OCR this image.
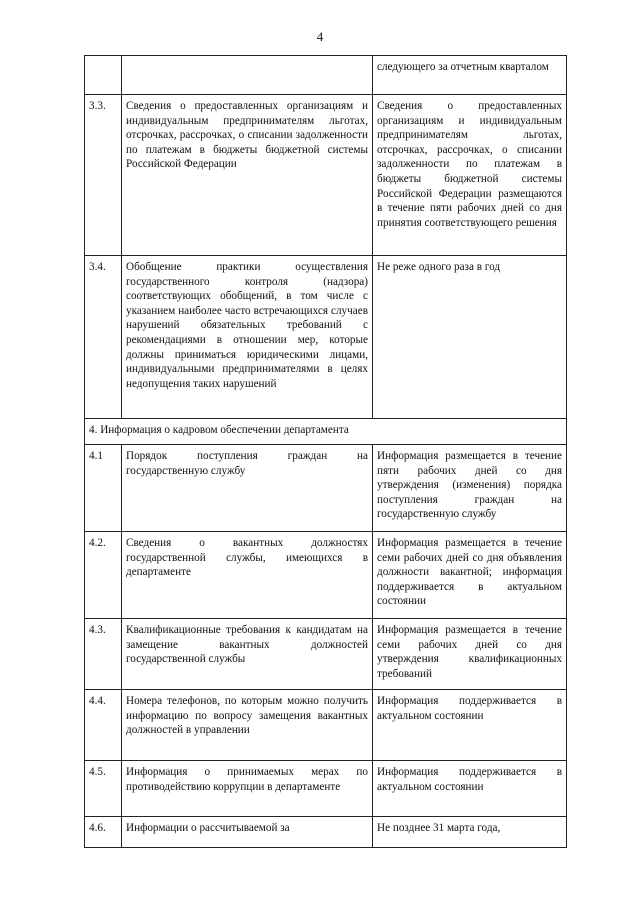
4
		следующего за отчетным кварталом
3.3.	Сведения о предоставленных организациям и индивидуальным предпринимателям льготах, отсрочках, рассрочках, о списании задолженности по платежам в бюджеты бюджетной системы Российской Федерации	Сведения о предоставленных организациям и индивидуальным предпринимателям льготах, отсрочках, рассрочках, о списании задолженности по платежам в бюджеты бюджетной системы Российской Федерации размещаются в течение пяти рабочих дней со дня принятия соответствующего решения
3.4.	Обобщение практики осуществления государственного контроля (надзора) соответствующих обобщений, в том числе с указанием наиболее часто встречающихся случаев нарушений обязательных требований с рекомендациями в отношении мер, которые должны приниматься юридическими лицами, индивидуальными предпринимателями в целях недопущения таких нарушений	Не реже одного раза в год
4. Информация о кадровом обеспечении департамента		
4.1	Порядок поступления граждан на государственную службу	Информация размещается в течение пяти рабочих дней со дня утверждения (изменения) порядка поступления граждан на государственную службу
4.2.	Сведения о вакантных должностях государственной службы, имеющихся в департаменте	Информация размещается в течение семи рабочих дней со дня объявления должности вакантной; информация поддерживается в актуальном состоянии
4.3.	Квалификационные требования к кандидатам на замещение вакантных должностей государственной службы	Информация размещается в течение семи рабочих дней со дня утверждения квалификационных требований
4.4.	Номера телефонов, по которым можно получить информацию по вопросу замещения вакантных должностей в управлении	Информация поддерживается в актуальном состоянии
4.5.	Информация о принимаемых мерах по противодействию коррупции в департаменте	Информация поддерживается в актуальном состоянии
4.6.	Информации о рассчитываемой за	Не позднее 31 марта года,
